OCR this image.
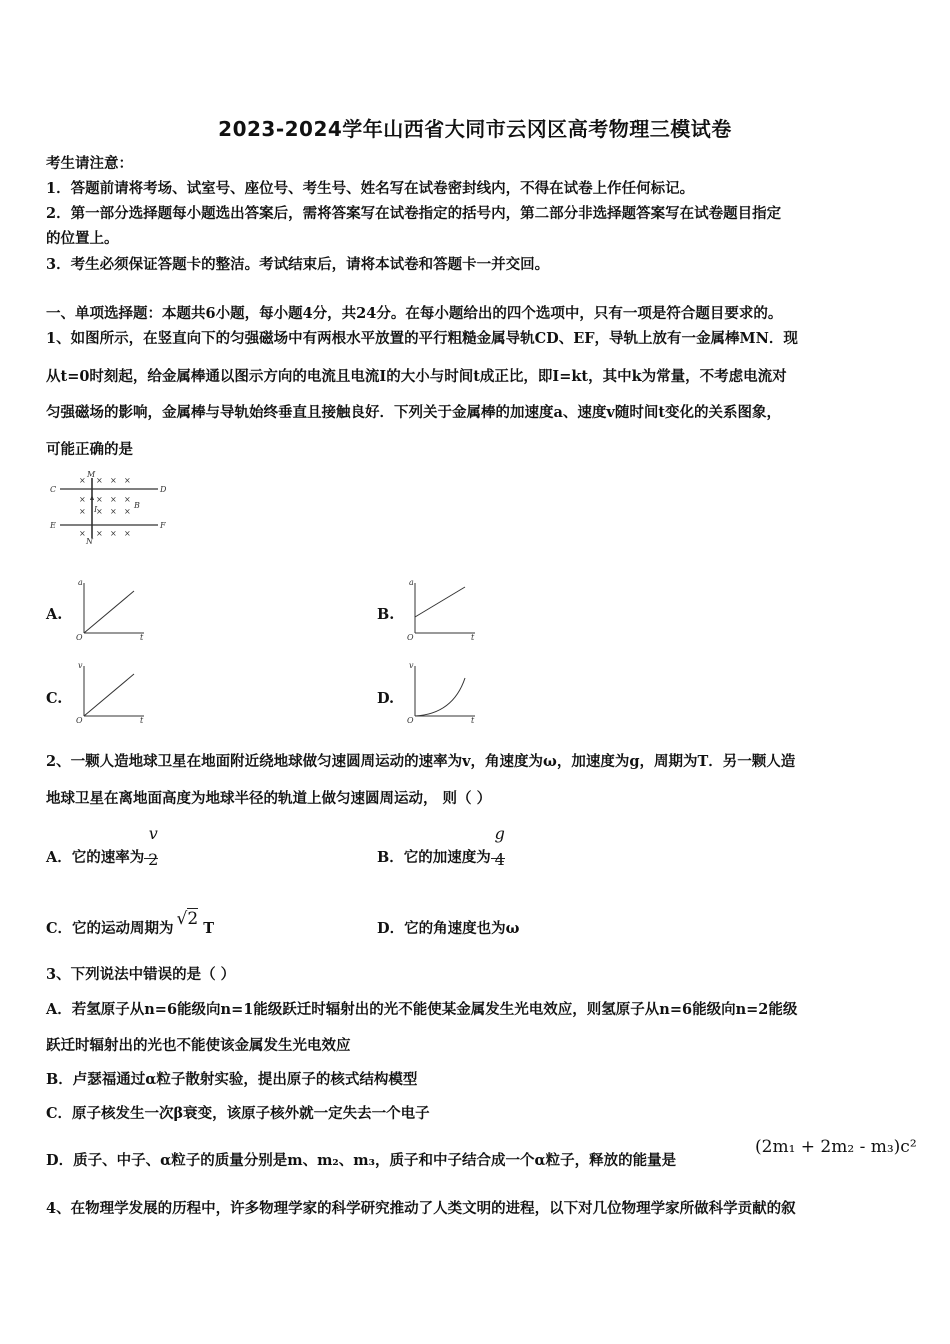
2023-2024学年山西省大同市云冈区高考物理三模试卷
考生请注意：
1．答题前请将考场、试室号、座位号、考生号、姓名写在试卷密封线内，不得在试卷上作任何标记。
2．第一部分选择题每小题选出答案后，需将答案写在试卷指定的括号内，第二部分非选择题答案写在试卷题目指定
的位置上。
3．考生必须保证答题卡的整洁。考试结束后，请将本试卷和答题卡一并交回。
一、单项选择题：本题共6小题，每小题4分，共24分。在每小题给出的四个选项中，只有一项是符合题目要求的。
1、如图所示，在竖直向下的匀强磁场中有两根水平放置的平行粗糙金属导轨CD、EF，导轨上放有一金属棒MN．现
从t=0时刻起，给金属棒通以图示方向的电流且电流I的大小与时间t成正比，即I=kt，其中k为常量，不考虑电流对
匀强磁场的影响，金属棒与导轨始终垂直且接触良好．下列关于金属棒的加速度a、速度v随时间t变化的关系图象，
可能正确的是
× × × ×
× × × ×
× × × ×
× × × ×
M
N
C	D
E	F
B
I
A.
a
t
O
B.
a
t
O
C.
v
t
O
D.
v
t
O
2、一颗人造地球卫星在地面附近绕地球做匀速圆周运动的速率为v，角速度为ω，加速度为g，周期为T．另一颗人造
地球卫星在离地面高度为地球半径的轨道上做匀速圆周运动， 则（ ）
A．它的速率为 $\frac{v}{2}$	B．它的加速度为 $\frac{g}{4}$
C．它的运动周期为 √2 T	D．它的角速度也为ω
3、下列说法中错误的是（ ）
A．若氢原子从n=6能级向n=1能级跃迁时辐射出的光不能使某金属发生光电效应，则氢原子从n=6能级向n=2能级
跃迁时辐射出的光也不能使该金属发生光电效应
B．卢瑟福通过α粒子散射实验，提出原子的核式结构模型
C．原子核发生一次β衰变，该原子核外就一定失去一个电子
D．质子、中子、α粒子的质量分别是m、m₂、m₃，质子和中子结合成一个α粒子，释放的能量是
(2m₁ + 2m₂ - m₃)c²
4、在物理学发展的历程中，许多物理学家的科学研究推动了人类文明的进程，以下对几位物理学家所做科学贡献的叙
